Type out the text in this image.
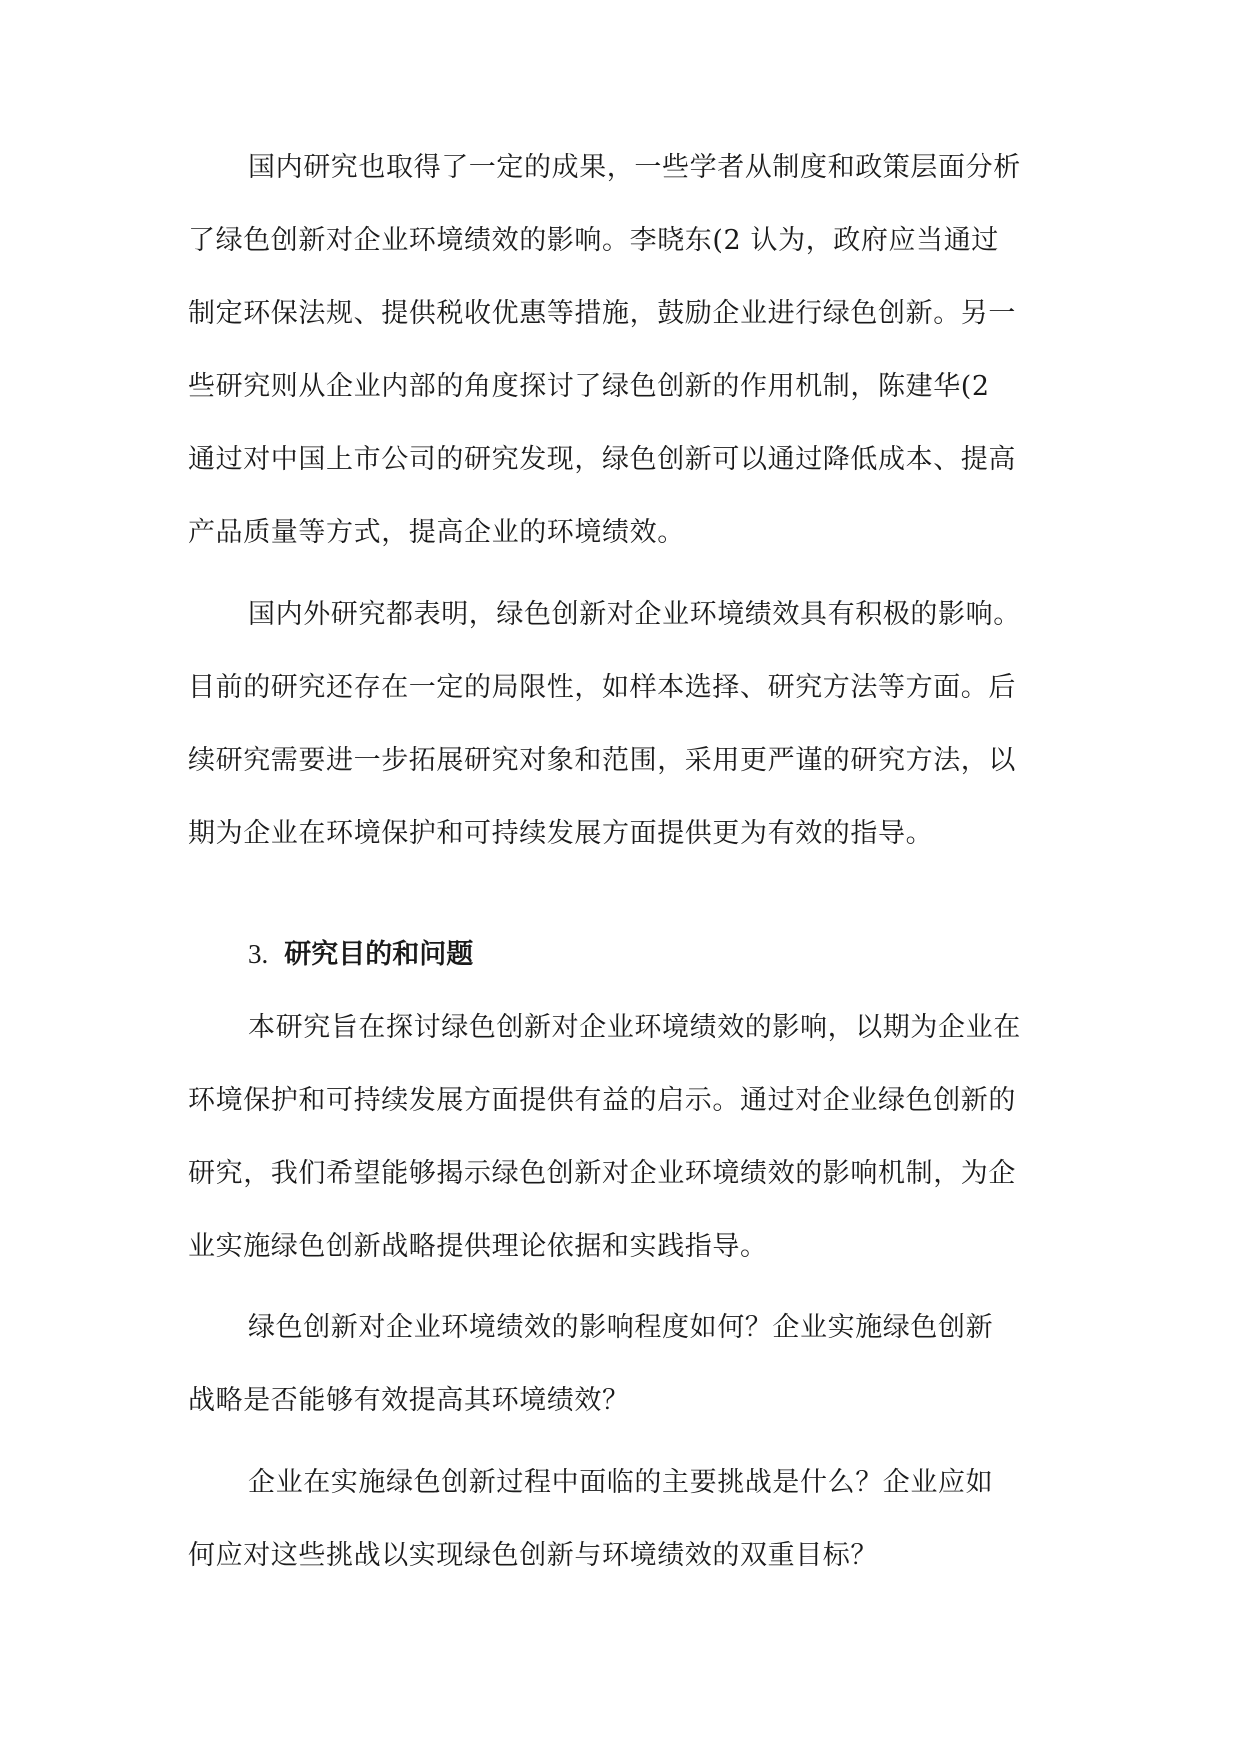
国内研究也取得了一定的成果，一些学者从制度和政策层面分析
了绿色创新对企业环境绩效的影响。李晓东(2 认为，政府应当通过
制定环保法规、提供税收优惠等措施，鼓励企业进行绿色创新。另一
些研究则从企业内部的角度探讨了绿色创新的作用机制，陈建华(2
通过对中国上市公司的研究发现，绿色创新可以通过降低成本、提高
产品质量等方式，提高企业的环境绩效。
国内外研究都表明，绿色创新对企业环境绩效具有积极的影响。
目前的研究还存在一定的局限性，如样本选择、研究方法等方面。后
续研究需要进一步拓展研究对象和范围，采用更严谨的研究方法，以
期为企业在环境保护和可持续发展方面提供更为有效的指导。
3. 研究目的和问题
本研究旨在探讨绿色创新对企业环境绩效的影响，以期为企业在
环境保护和可持续发展方面提供有益的启示。通过对企业绿色创新的
研究，我们希望能够揭示绿色创新对企业环境绩效的影响机制，为企
业实施绿色创新战略提供理论依据和实践指导。
绿色创新对企业环境绩效的影响程度如何？企业实施绿色创新
战略是否能够有效提高其环境绩效？
企业在实施绿色创新过程中面临的主要挑战是什么？企业应如
何应对这些挑战以实现绿色创新与环境绩效的双重目标？
